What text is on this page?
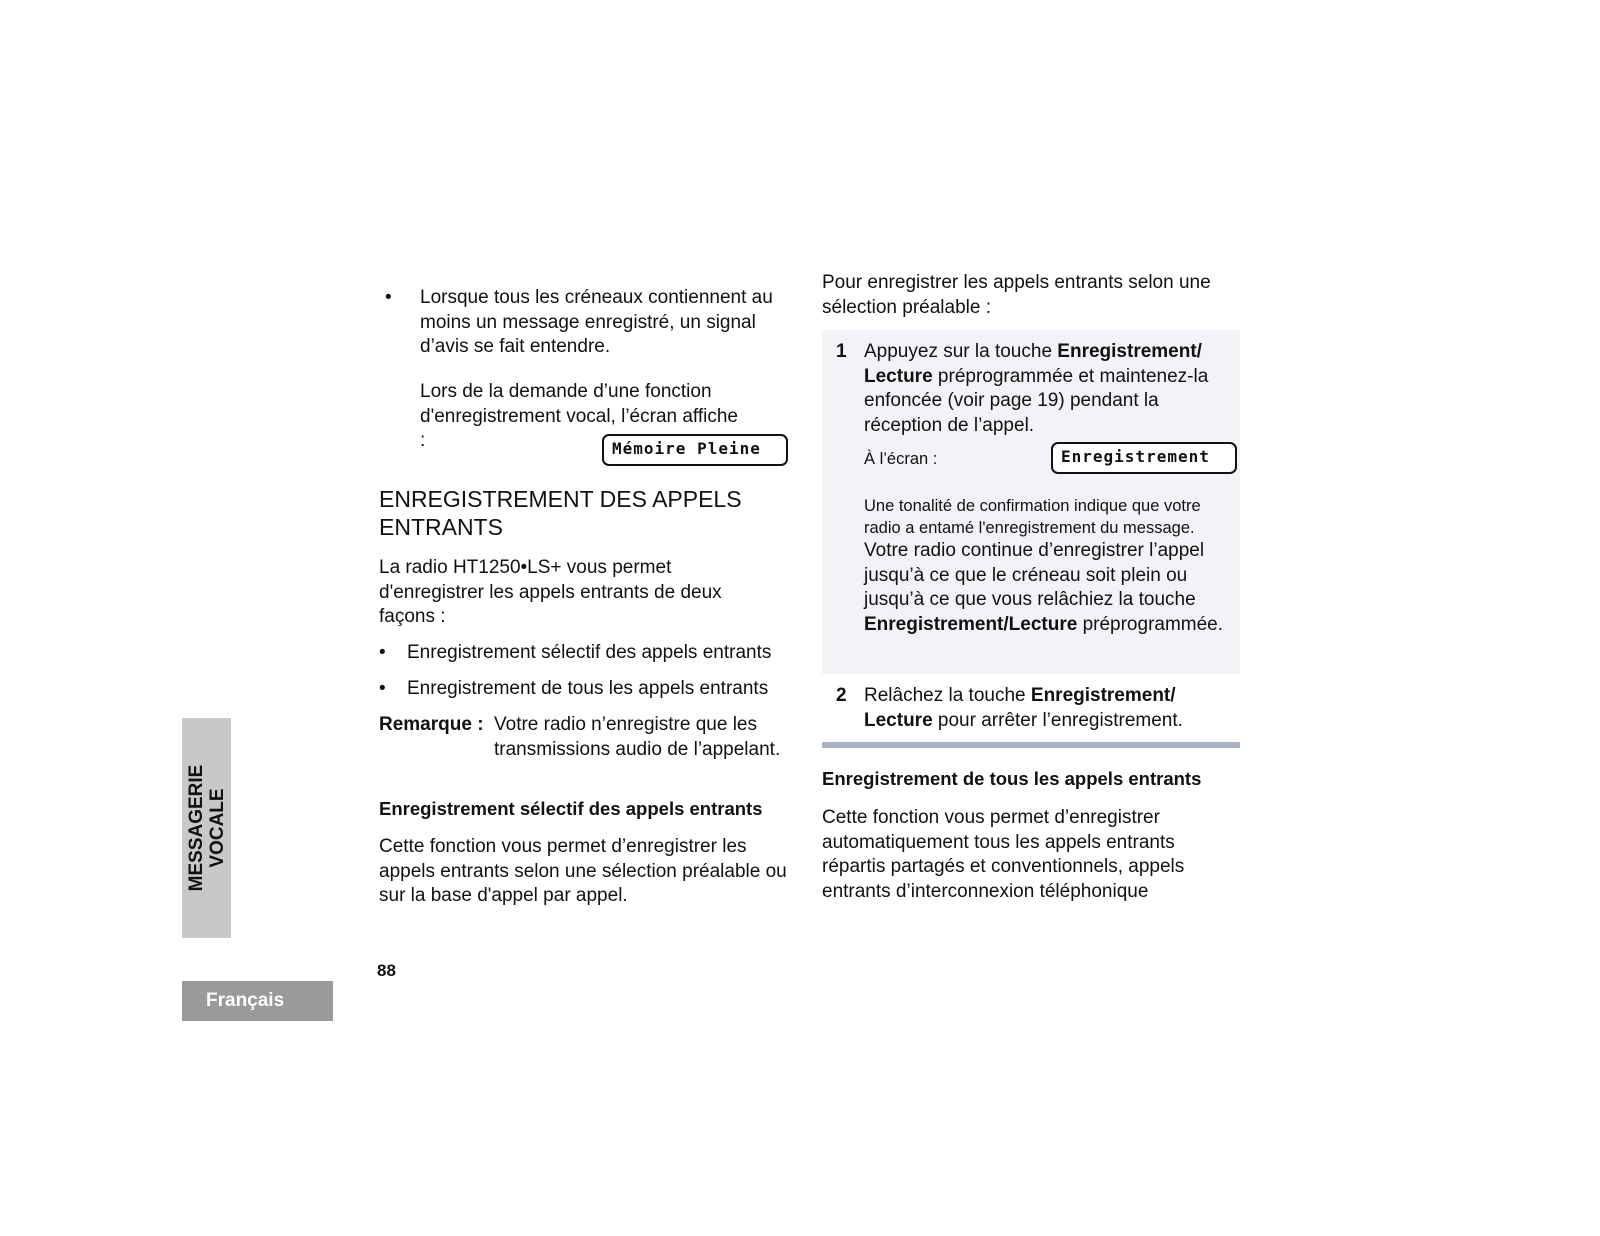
• Lorsque tous les créneaux contiennent au moins un message enregistré, un signal d’avis se fait entendre.
Lors de la demande d’une fonction d'enregistrement vocal, l’écran affiche :	Mémoire Pleine
ENREGISTREMENT DES APPELS ENTRANTS
La radio HT1250•LS+ vous permet d'enregistrer les appels entrants de deux façons :
• Enregistrement sélectif des appels entrants
• Enregistrement de tous les appels entrants
Remarque : Votre radio n’enregistre que les transmissions audio de l’appelant.
Enregistrement sélectif des appels entrants
Cette fonction vous permet d’enregistrer les appels entrants selon une sélection préalable ou sur la base d'appel par appel.
Pour enregistrer les appels entrants selon une sélection préalable :
1 Appuyez sur la touche Enregistrement/ Lecture préprogrammée et maintenez-la enfoncée (voir page 19) pendant la réception de l’appel.
À l’écran :	Enregistrement
Une tonalité de confirmation indique que votre radio a entamé l'enregistrement du message.
Votre radio continue d’enregistrer l’appel jusqu’à ce que le créneau soit plein ou jusqu’à ce que vous relâchiez la touche Enregistrement/Lecture préprogrammée.
2 Relâchez la touche Enregistrement/ Lecture pour arrêter l’enregistrement.
Enregistrement de tous les appels entrants
Cette fonction vous permet d’enregistrer automatiquement tous les appels entrants répartis partagés et conventionnels, appels entrants d’interconnexion téléphonique
MESSAGERIE VOCALE
88
Français
